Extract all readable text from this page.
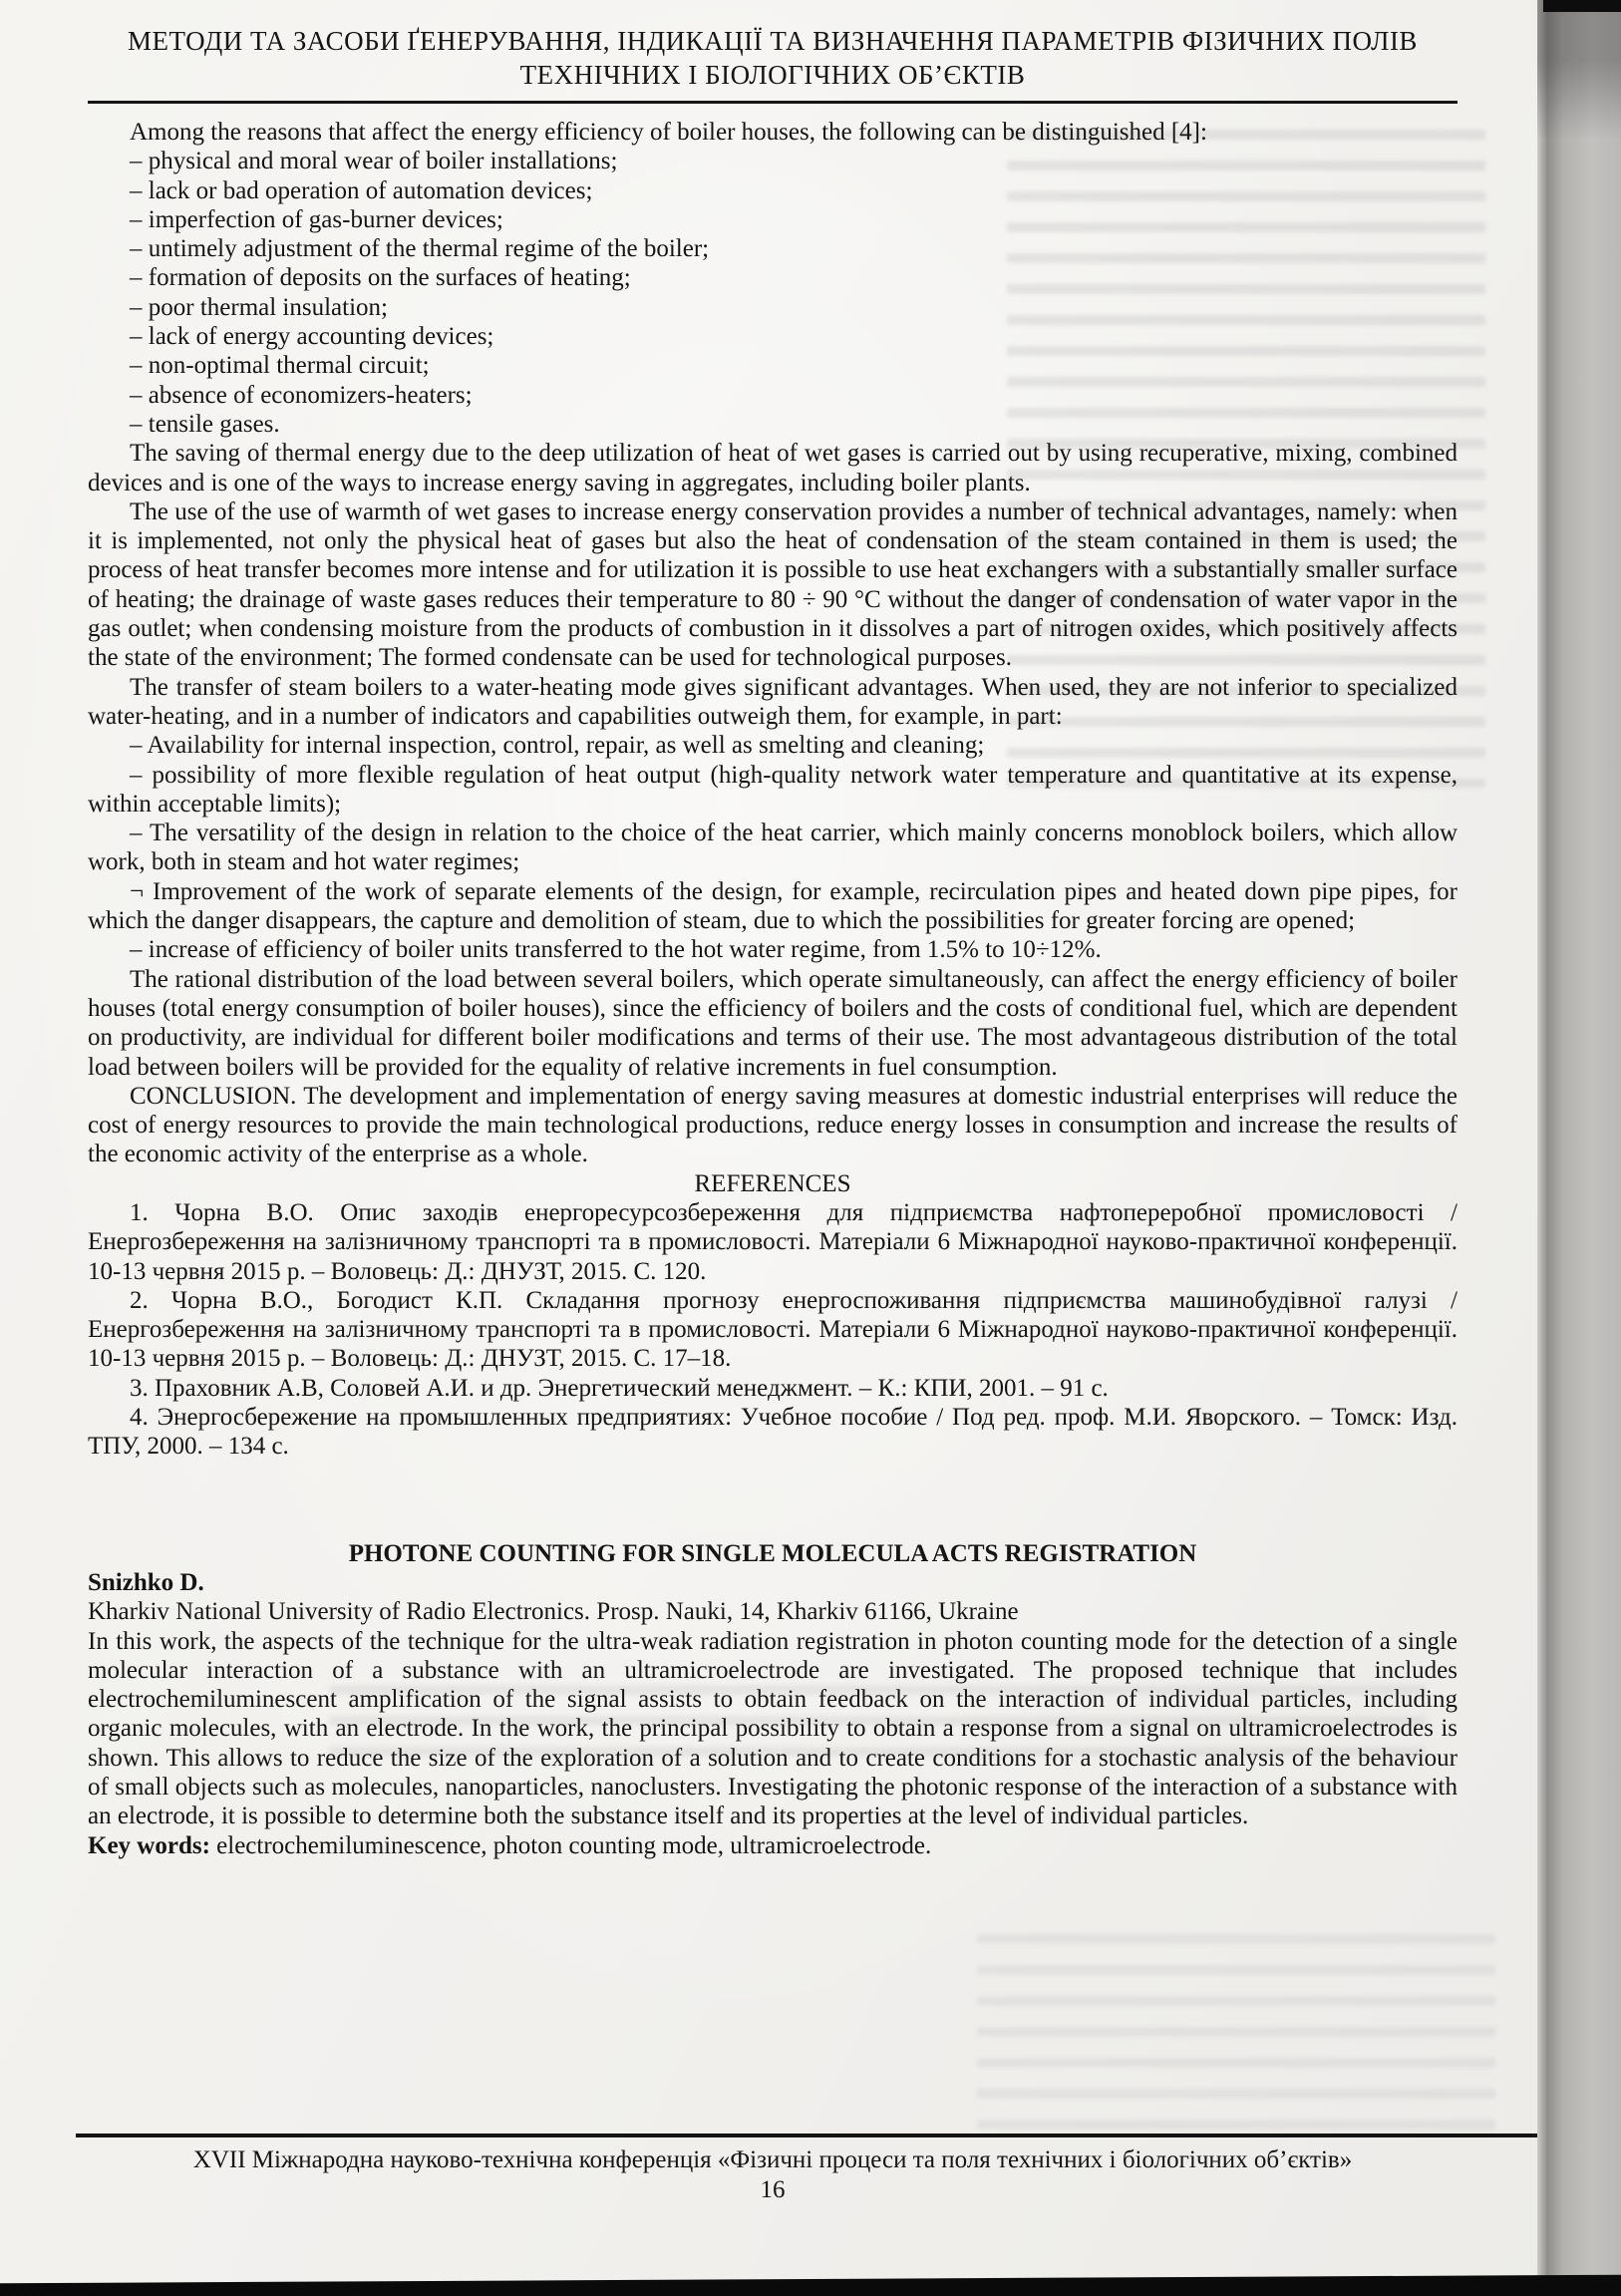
МЕТОДИ ТА ЗАСОБИ ҐЕНЕРУВАННЯ, ІНДИКАЦІЇ ТА ВИЗНАЧЕННЯ ПАРАМЕТРІВ ФІЗИЧНИХ ПОЛІВ
ТЕХНІЧНИХ І БІОЛОГІЧНИХ ОБ’ЄКТІВ

Among the reasons that affect the energy efficiency of boiler houses, the following can be distinguished [4]:

– physical and moral wear of boiler installations;

– lack or bad operation of automation devices;

– imperfection of gas-burner devices;

– untimely adjustment of the thermal regime of the boiler;

– formation of deposits on the surfaces of heating;

– poor thermal insulation;

– lack of energy accounting devices;

– non-optimal thermal circuit;

– absence of economizers-heaters;

– tensile gases.

The saving of thermal energy due to the deep utilization of heat of wet gases is carried out by using recuperative, mixing, combined devices and is one of the ways to increase energy saving in aggregates, including boiler plants.

The use of the use of warmth of wet gases to increase energy conservation provides a number of technical advantages, namely: when it is implemented, not only the physical heat of gases but also the heat of condensation of the steam contained in them is used; the process of heat transfer becomes more intense and for utilization it is possible to use heat exchangers with a substantially smaller surface of heating; the drainage of waste gases reduces their temperature to 80 ÷ 90 °C without the danger of condensation of water vapor in the gas outlet; when condensing moisture from the products of combustion in it dissolves a part of nitrogen oxides, which positively affects the state of the environment; The formed condensate can be used for technological purposes.

The transfer of steam boilers to a water-heating mode gives significant advantages. When used, they are not inferior to specialized water-heating, and in a number of indicators and capabilities outweigh them, for example, in part:

– Availability for internal inspection, control, repair, as well as smelting and cleaning;

– possibility of more flexible regulation of heat output (high-quality network water temperature and quantitative at its expense, within acceptable limits);

– The versatility of the design in relation to the choice of the heat carrier, which mainly concerns monoblock boilers, which allow work, both in steam and hot water regimes;

¬ Improvement of the work of separate elements of the design, for example, recirculation pipes and heated down pipe pipes, for which the danger disappears, the capture and demolition of steam, due to which the possibilities for greater forcing are opened;

– increase of efficiency of boiler units transferred to the hot water regime, from 1.5% to 10÷12%.

The rational distribution of the load between several boilers, which operate simultaneously, can affect the energy efficiency of boiler houses (total energy consumption of boiler houses), since the efficiency of boilers and the costs of conditional fuel, which are dependent on productivity, are individual for different boiler modifications and terms of their use. The most advantageous distribution of the total load between boilers will be provided for the equality of relative increments in fuel consumption.

CONCLUSION. The development and implementation of energy saving measures at domestic industrial enterprises will reduce the cost of energy resources to provide the main technological productions, reduce energy losses in consumption and increase the results of the economic activity of the enterprise as a whole.

REFERENCES

1. Чорна В.О. Опис заходів енергоресурсозбереження для підприємства нафтопереробної промисловості / Енергозбереження на залізничному транспорті та в промисловості. Матеріали 6 Міжнародної науково-практичної конференції. 10-13 червня 2015 р. – Воловець: Д.: ДНУЗТ, 2015. С. 120.

2. Чорна В.О., Богодист К.П. Складання прогнозу енергоспоживання підприємства машинобудівної галузі / Енергозбереження на залізничному транспорті та в промисловості. Матеріали 6 Міжнародної науково-практичної конференції. 10-13 червня 2015 р. – Воловець: Д.: ДНУЗТ, 2015. С. 17–18.

3. Праховник А.В, Соловей А.И. и др. Энергетический менеджмент. – К.: КПИ, 2001. – 91 с.

4. Энергосбережение на промышленных предприятиях: Учебное пособие / Под ред. проф. М.И. Яворского. – Томск: Изд. ТПУ, 2000. – 134 с.

PHOTONE COUNTING FOR SINGLE MOLECULA ACTS REGISTRATION
Snizhko D.
Kharkiv National University of Radio Electronics. Prosp. Nauki, 14, Kharkiv 61166, Ukraine

In this work, the aspects of the technique for the ultra-weak radiation registration in photon counting mode for the detection of a single molecular interaction of a substance with an ultramicroelectrode are investigated. The proposed technique that includes electrochemiluminescent amplification of the signal assists to obtain feedback on the interaction of individual particles, including organic molecules, with an electrode. In the work, the principal possibility to obtain a response from a signal on ultramicroelectrodes is shown. This allows to reduce the size of the exploration of a solution and to create conditions for a stochastic analysis of the behaviour of small objects such as molecules, nanoparticles, nanoclusters. Investigating the photonic response of the interaction of a substance with an electrode, it is possible to determine both the substance itself and its properties at the level of individual particles.

Key words: electrochemiluminescence, photon counting mode, ultramicroelectrode.

XVII Міжнародна науково-технічна конференція «Фізичні процеси та поля технічних і біологічних об’єктів»
16
